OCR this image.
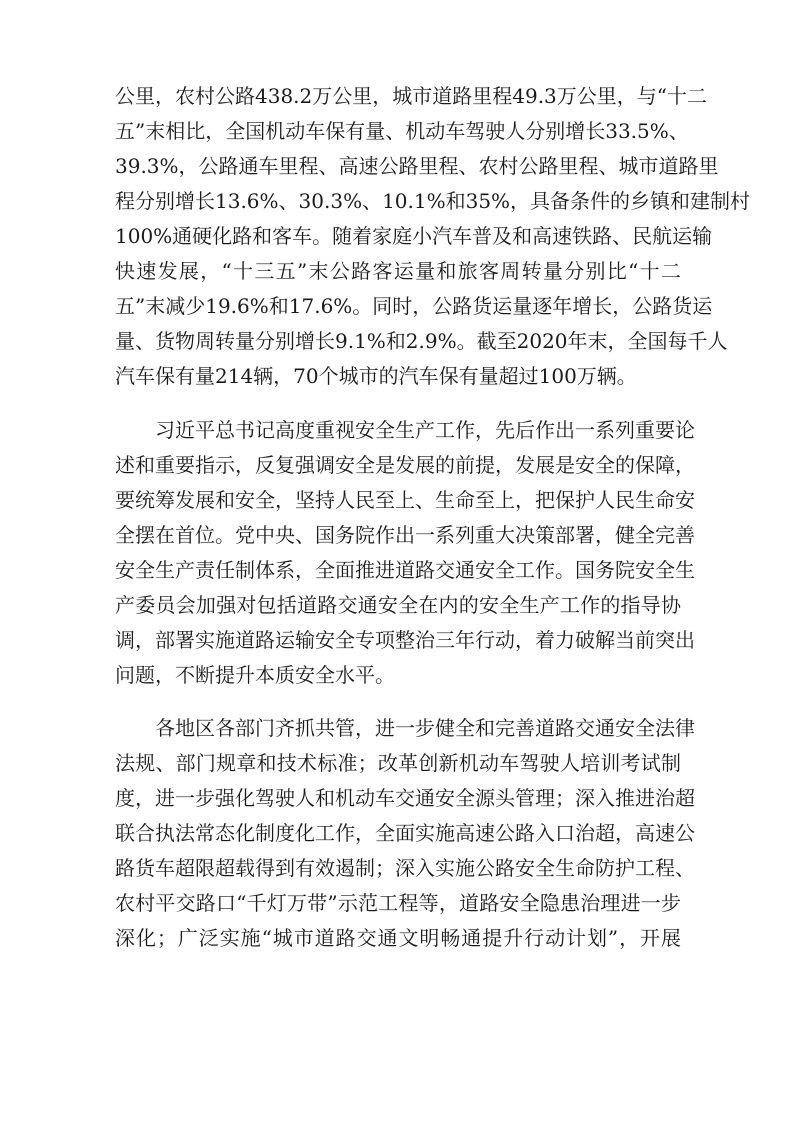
公里，农村公路438.2万公里，城市道路里程49.3万公里，与“十二
五”末相比，全国机动车保有量、机动车驾驶人分别增长33.5%、
39.3%，公路通车里程、高速公路里程、农村公路里程、城市道路里
程分别增长13.6%、30.3%、10.1%和35%，具备条件的乡镇和建制村
100%通硬化路和客车。随着家庭小汽车普及和高速铁路、民航运输
快速发展，“十三五”末公路客运量和旅客周转量分别比“十二
五”末减少19.6%和17.6%。同时，公路货运量逐年增长，公路货运
量、货物周转量分别增长9.1%和2.9%。截至2020年末，全国每千人
汽车保有量214辆，70个城市的汽车保有量超过100万辆。
　　习近平总书记高度重视安全生产工作，先后作出一系列重要论
述和重要指示，反复强调安全是发展的前提，发展是安全的保障，
要统筹发展和安全，坚持人民至上、生命至上，把保护人民生命安
全摆在首位。党中央、国务院作出一系列重大决策部署，健全完善
安全生产责任制体系，全面推进道路交通安全工作。国务院安全生
产委员会加强对包括道路交通安全在内的安全生产工作的指导协
调，部署实施道路运输安全专项整治三年行动，着力破解当前突出
问题，不断提升本质安全水平。
　　各地区各部门齐抓共管，进一步健全和完善道路交通安全法律
法规、部门规章和技术标准；改革创新机动车驾驶人培训考试制
度，进一步强化驾驶人和机动车交通安全源头管理；深入推进治超
联合执法常态化制度化工作，全面实施高速公路入口治超，高速公
路货车超限超载得到有效遏制；深入实施公路安全生命防护工程、
农村平交路口“千灯万带”示范工程等，道路安全隐患治理进一步
深化；广泛实施“城市道路交通文明畅通提升行动计划”，开展
